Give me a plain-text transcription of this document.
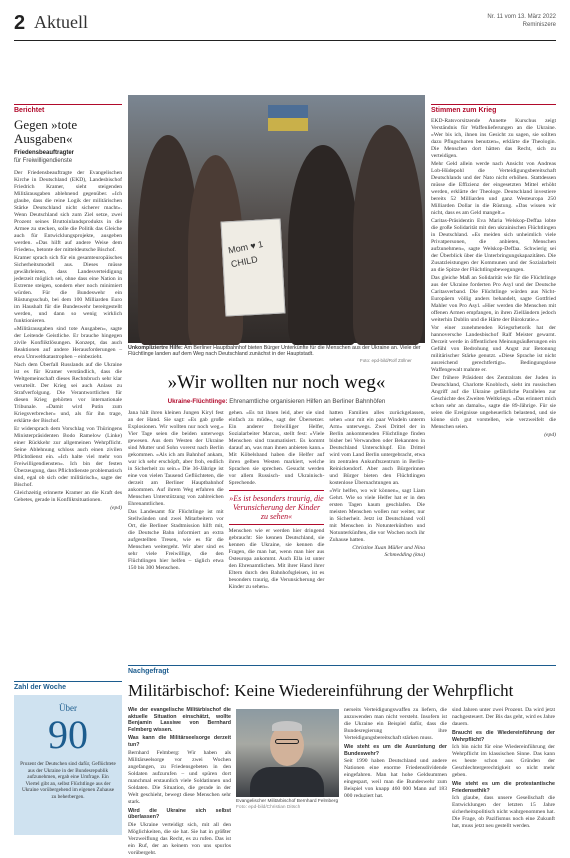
2 Aktuell	Nr. 11 vom 13. März 2022
Reminiszere
Berichtet
Gegen »tote Ausgaben«
Friedensbeauftragter
für Freiwilligendienste

Der Friedensbeauftragte der Evangelischen Kirche in Deutschland (EKD), Landesbischof Friedrich Kramer, sieht steigenden Militärausgaben ablehnend gegenüber. »Ich glaube, dass die reine Logik der militärischen Stärke Deutschland nicht sicherer macht«. Wenn Deutschland sich zum Ziel setze, zwei Prozent seines Bruttoinlandsprodukts in die Armee zu stecken, solle die Politik das Gleiche auch für Entwicklungsprojekte, ausgeben werden. »Das hilft auf andere Weise dem Frieden«, betonte der mitteldeutsche Bischof.

Kramer sprach sich für ein gesamteuropäisches Sicherheitsmodell aus. Dieses müsse gewährleisten, dass Landesverteidigung jederzeit möglich sei, ohne dass eine Nation in Extreme steigen, sondern eher noch minimiert würden. Für die Bundeswehr ein Rüstungsschub, bei dem 100 Milliarden Euro im Haushalt für die Bundeswehr bereitgestellt werden, und dann so wenig wirklich funktionieren.

»Militärausgaben sind tote Ausgaben«, sagte der Leitende Geistliche. Er brauche hingegen zivile Konfliktlösungen. Konzept, das auch Reaktionen auf andere Herausforderungen – etwa Umweltkatastrophen – einbezieht.

Nach dem Überfall Russlands auf die Ukraine ist es für Kramer verständlich, dass die Weltgemeinschaft dieses Rechtsbruch sehr klar verurteilt. Der Krieg sei auch Anlass zu Strafverfolgung. Die Verantwortlichen für diesen Krieg gehörten vor internationale Tribunale. »Damit wird Putin zum Kriegsverbrecher« und, als für ihn trage, erklärte der Bischof.

Er widersprach dem Vorschlag von Thüringens Ministerpräsidenten Bodo Ramelow (Linke) einer Rückkehr zur allgemeinen Wehrpflicht. Seine Ablehnung schloss auch einen zivilen Pflichtdienst ein. »Ich halte viel mehr von Freiwilligendiensten«. Ich bin der festen Überzeugung, dass Pflichtdienste problematisch sind, egal ob sich oder militärisch«, sagte der Bischof.

Gleichzeitig erinnerte Kramer an die Kraft des Gebetes, gerade in Konfliktsituationen.

(epd)

Zahl der Woche
Über
90
Prozent der Deutschen sind dafür, Geflüchtete aus der Ukraine in der Bundesrepublik aufzunehmen, ergab eine Umfrage. Ein Viertel gibt an, selbst Flüchtlinge aus der Ukraine vorübergehend im eigenen Zuhause zu beherbergen.
Mom ♥ 1 CHILD
Unkompliziertre Hilfe: Am Berliner Hauptbahnhof bieten Bürger Unterkünfte für die Menschen aus der Ukraine an. Viele der Flüchtlinge landen auf dem Weg nach Deutschland zunächst in der Hauptstadt.
Foto: epd-bild/Rolf Zöllner
»Wir wollten nur noch weg«
Ukraine-Flüchtlinge: Ehrenamtliche organisieren Hilfen an Berliner Bahnhöfen

Jana hält ihren kleinen Jungen Kiryl fest an der Hand. Sie sagt: »Es gab große Explosionen. Wir wollten nur noch weg.« Vier Tage seien die beiden unterwegs gewesen. Aus dem Westen der Ukraine sind Mutter und Sohn vorerst nach Berlin gekommen. »Als ich am Bahnhof ankam, war ich sehr erschöpft, aber froh, endlich in Sicherheit zu sein.« Die 36-Jährige ist eine von vielen Tausend Geflüchteten, die derzeit am Berliner Hauptbahnhof ankommen. Auf ihrem Weg erfahren die Menschen Unterstützung von zahlreichen Ehrenamtlichen.

Das Landesamt für Flüchtlinge ist mit Stellwänden und zwei Mitarbeitern vor Ort, die Berliner Stadtmission hilft mit, die Deutsche Bahn informiert an extra aufgestellten Tresen, wie es für die Menschen weitergeht. Wir aber sind es sehr viele Freiwillige, die den Flüchtlingen hier helfen – täglich etwa 150 bis 300 Menschen.

gehen. »Es tut ihnen leid, aber sie sind einfach zu müde«, sagt der Übersetzer. Ein anderer freiwilliger Helfer, Sozialarbeiter Marcus, stellt fest: »Viele Menschen sind traumatisiert. Es kommt darauf an, was man ihnen anbieten kann.« Mit Köbelsband haben die Helfer auf ihren gelben Westen markiert, welche Sprachen sie sprechen. Gesucht werden vor allem Russisch- und Ukrainisch-Sprechende.

»Es ist besonders traurig, die Verunsicherung der Kinder zu sehen«

Menschen wie er werden hier dringend gebraucht: Sie kennen Deutschland, sie kennen die Ukraine, sie kennen die Fragen, die man hat, wenn man hier aus Osteuropa ankommt. Auch Ella ist unter den Ehrenamtlichen. Mit ihrer Hand ihrer Eltern durch den Bahnhofsgleisen, ist es besonders traurig, die Verunsicherung der Kinder zu sehen«.

hatten Familien alles zurückgelassen, sehen »nur mit ein paar Windeln unterm Arm« unterwegs. Zwei Drittel der in Berlin ankommenden Flüchtlinge finden bisher bei Verwandten oder Bekannten in Deutschland Unterschlupf. Ein Drittel wird vom Land Berlin untergebracht, etwa im zentralen Ankunftszentrum in Berlin-Reinickendorf. Aber auch Bürgerinnen und Bürger bieten den Flüchtlingen kostenlose Übernachtungen an.

»Wir helfen, wo wir können«, sagt Liam Gehrt. Wie so viele Helfer hat er in den ersten Tagen kaum geschlafen. Die meisten Menschen wollen nur weiter, nur in Sicherheit. Jetzt ist Deutschland voll mit Menschen in Notunterkünften und Notunterkünften, die vor Wochen noch ihr Zuhause hatten.

Christine Xuan Müller und Nina Schmedding (kna)

Stimmen zum Krieg

EKD-Ratsvorsitzende Annette Kurschus zeigt Verständnis für Waffenlieferungen an die Ukraine. »Wer bis ich, ihnen ins Gesicht zu sagen, sie sollten dazu Pflugscharen benutzen«, erklärte die Theologin. Die Menschen dort hätten das Recht, sich zu verteidigen.

Mehr Geld allein werde nach Ansicht von Andreas Lob-Hüdepohl die Verteidigungsbereitschaft Deutschlands und der Nato nicht erhöhen. Stattdessen müsse die Effizienz der eingesetzten Mittel erhöht werden, erklärte der Theologe. Deutschland investiere bereits 52 Milliarden und ganz Westeuropa 250 Milliarden Dollar in die Rüstung. »Das wissen wir nicht, dass es am Geld mangelt.«

Caritas-Präsidentin Eva Maria Welskop-Deffaa lobte die große Solidarität mit den ukrainischen Flüchtlingen in Deutschland. »Es meiden sich unheimlich viele Privatpersonen, die anbieten, Menschen aufzunehmen«, sagte Welskop-Deffaa. Schwierig sei der Überblick über die Unterbringungskapazitäten. Die Zusatzleistungen der Kommunen und der Sozialarbeit an die Spitze der Flüchtlingsbewegungen.

Das gleiche Maß an Solidarität wie für die Flüchtlinge aus der Ukraine forderten Pro Asyl und der Deutsche Caritasverband. Die Flüchtlinge würden aus Nicht-Europäern völlig anders behandelt, sagte Gottfried Mahler von Pro Asyl. »Hier werden die Menschen mit offenen Armen empfangen, in ihren Zielländern jedoch weiterhin Dublin und die Härte der Bürokratie.«

Vor einer zunehmenden Kriegsrhetorik hat der hannoversche Landesbischof Ralf Meister gewarnt. Derzeit werde in öffentlichen Meinungsäußerungen ein Gefühl von Bedrohung und Angst zur Betonung militärischer Stärke genutzt. »Diese Sprache ist nicht ausreichend gerechtfertigt«. Bedingungslose Waffengewalt mahnte er.

Der frühere Präsident des Zentralrats der Juden in Deutschland, Charlotte Knobloch, sieht im russischen Angriff auf die Ukraine gefährliche Parallelen zur Geschichte des Zweiten Weltkriegs. »Das erinnert mich schon sehr an damals«, sagte die 89-Jährige. Für sie seien die Ereignisse ungeheuerlich belastend, und sie könne sich gut vorstellen, wie verzweifelt die Menschen seien.

(epd)

Nachgefragt
Militärbischof: Keine Wiedereinführung der Wehrpflicht

Wie der evangelische Militärbischof die aktuelle Situation einschätzt, wollte Benjamin Lassiwe von Bernhard Felmberg wissen.

Was kann die Militärseelsorge derzeit tun?

Bernhard Felmberg: Wir haben als Militärseelsorge vor zwei Wochen angefangen, zu Friedensgebeten in den Soldaten aufzurufen – und spüren dort manchmal erstaunlich viele Soldatinnen und Soldaten. Die Situation, die gerade in der Welt geschieht, bewegt diese Menschen sehr stark.

Wird die Ukraine sich selbst überlassen?

Die Ukraine verteidigt sich, mit all den Möglichkeiten, die sie hat. Sie hat in größter Verzweiflung das Recht, es zu rufen. Das ist ein Ruf, der an keinem von uns spurlos vorübergeht.

Evangelischer Militärbischof Bernhard Felmberg
Foto: epd-bild/Christian Ditsch

nerseits Verteidigungswaffen zu liefern, die anzuwenden man nicht versteht. Insofern ist die Ukraine ein Beispiel dafür, dass die Bundesregierung ihre Verteidigungsbereitschaft stärken muss.

Wie steht es um die Ausrüstung der Bundeswehr?

Seit 1990 haben Deutschland und andere Nationen eine enorme Friedensdividende eingefahren. Man hat hohe Geldsummen eingespart, weil man die Bundeswehr zum Beispiel von knapp 460 000 Mann auf 183 000 reduziert hat.

sind Jahren unter zwei Prozent. Da wird jetzt nachgesteuert. Der Bis das geht, wird es Jahre dauern.

Braucht es die Wiedereinführung der Wehrpflicht?

Ich bin nicht für eine Wiedereinführung der Wehrpflicht im klassischen Sinne. Das kann es heute schon aus Gründen der Geschlechtergerechtigkeit so nicht mehr geben.

Wie steht es um die protestantische Friedensethik?

Ich glaube, dass unsere Gesellschaft die Entwicklungen der letzten 15 Jahre sicherheitspolitisch nicht wahrgenommen hat. Die Frage, ob Pazifismus noch eine Zukunft hat, muss jetzt neu gestellt werden.
